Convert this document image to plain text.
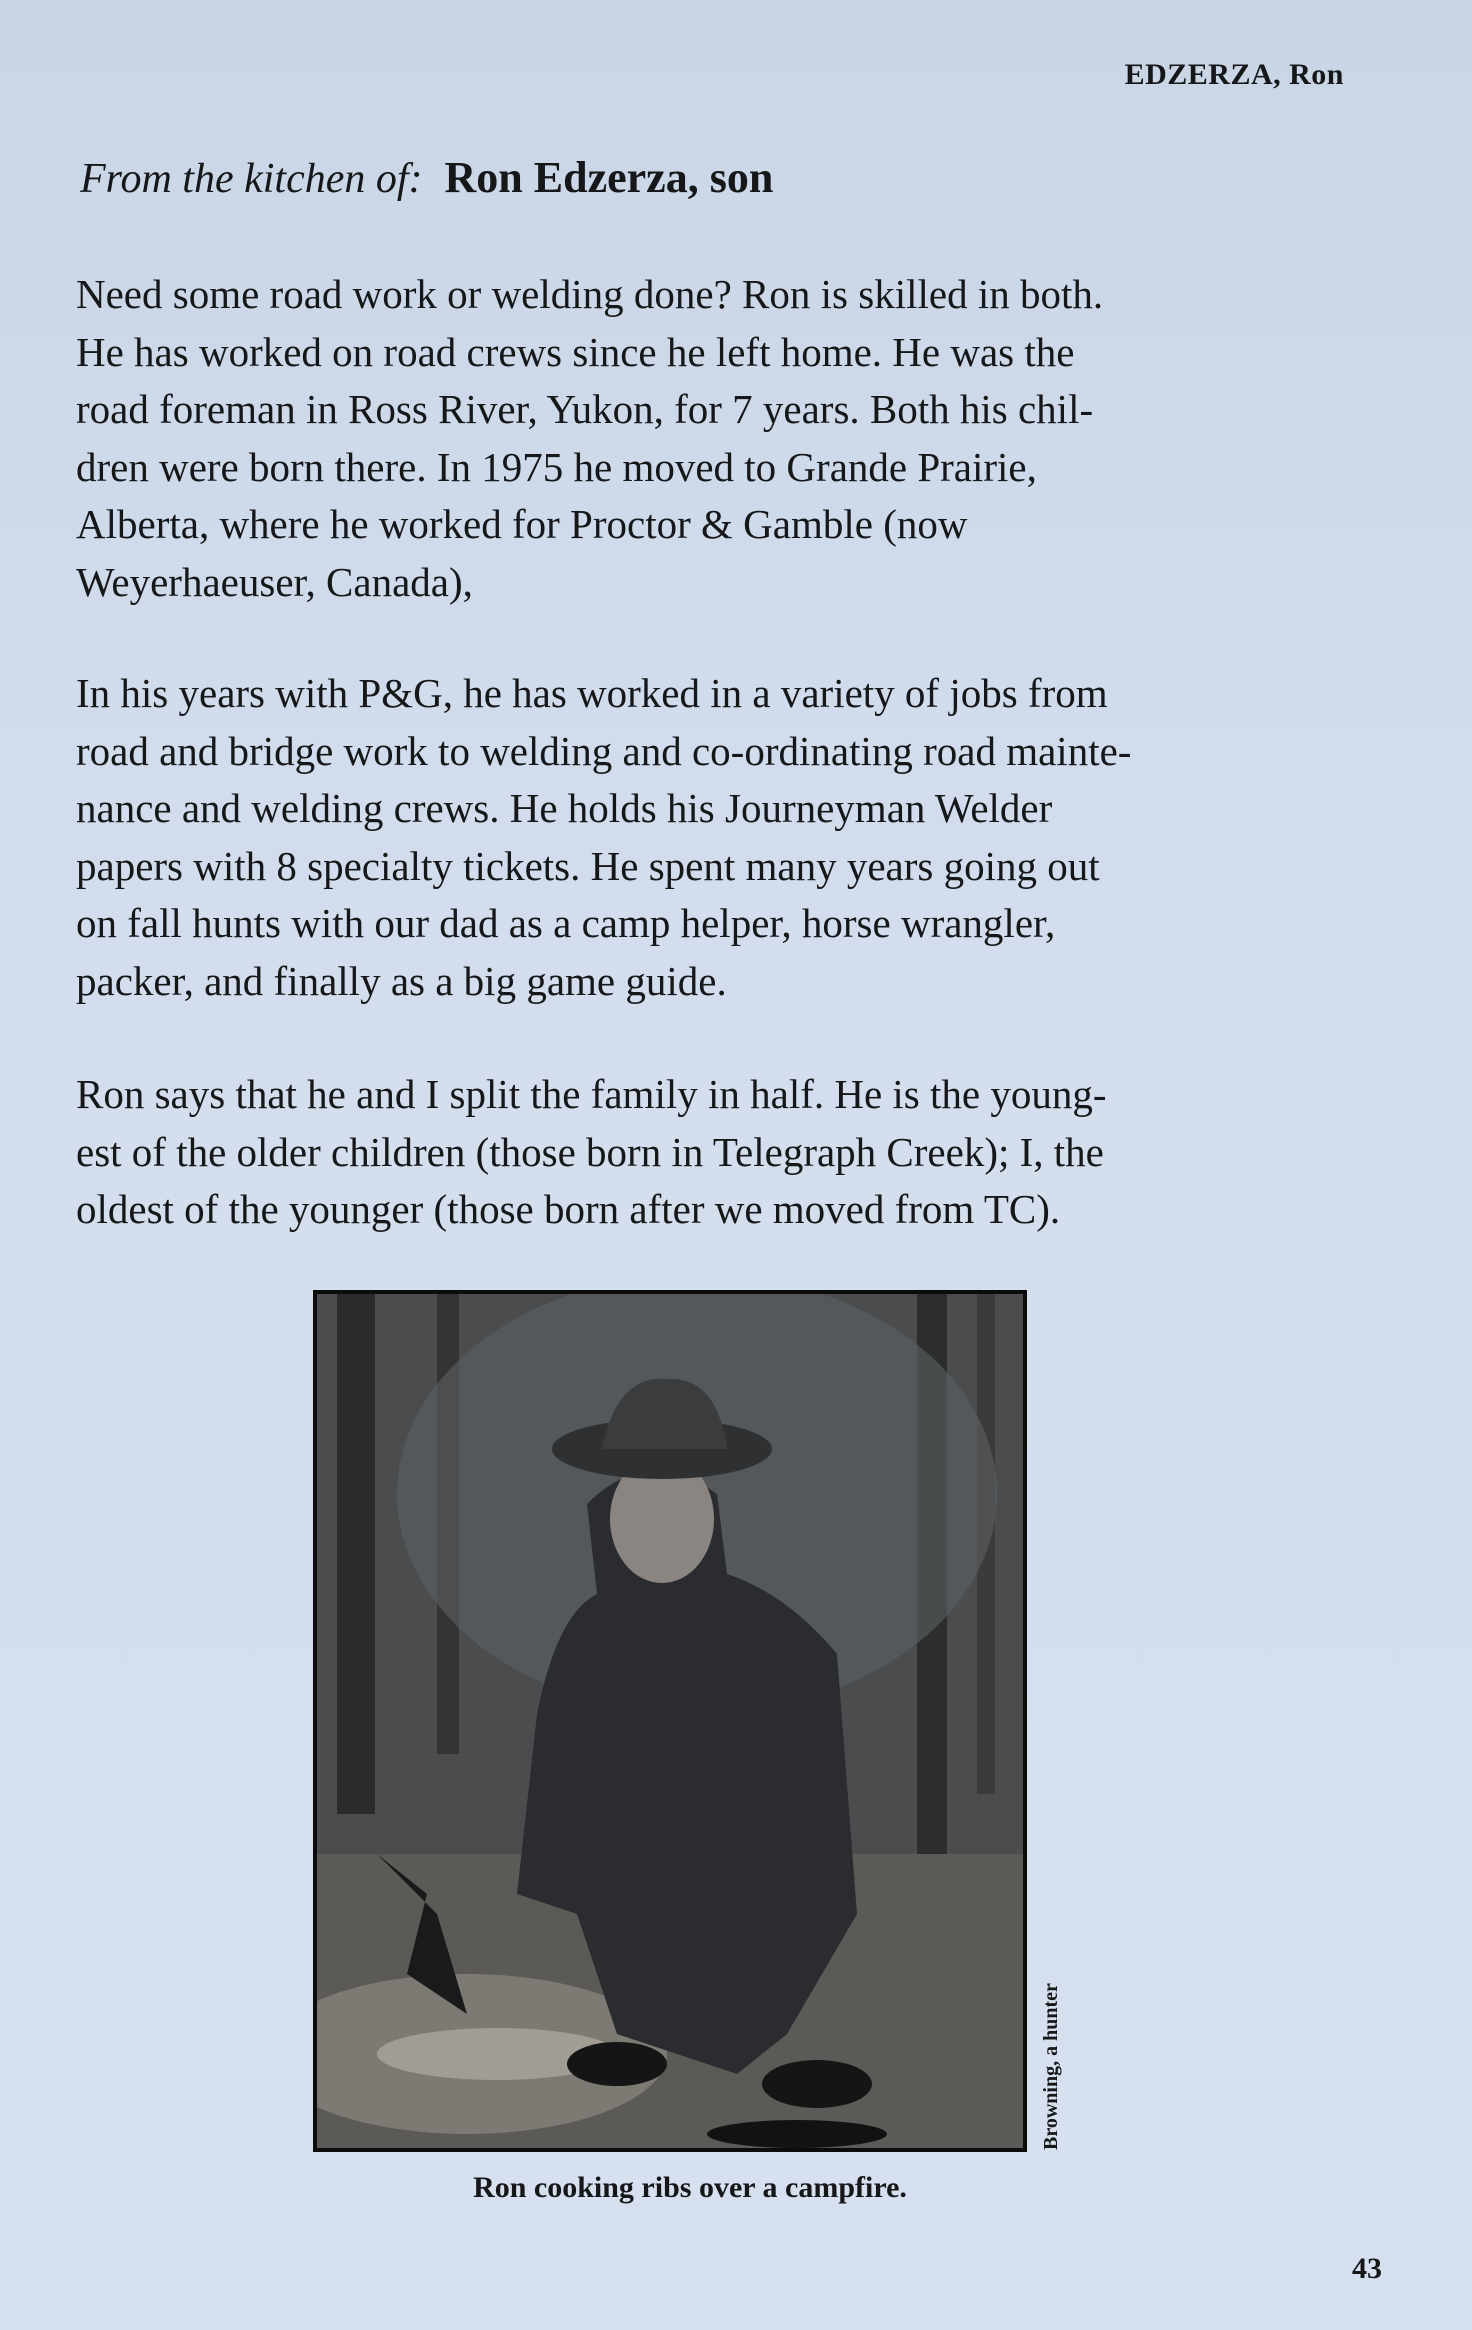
EDZERZA, Ron
From the kitchen of: Ron Edzerza, son

Need some road work or welding done? Ron is skilled in both.
He has worked on road crews since he left home. He was the
road foreman in Ross River, Yukon, for 7 years. Both his chil-
dren were born there. In 1975 he moved to Grande Prairie,
Alberta, where he worked for Proctor & Gamble (now
Weyerhaeuser, Canada),

In his years with P&G, he has worked in a variety of jobs from
road and bridge work to welding and co-ordinating road mainte-
nance and welding crews. He holds his Journeyman Welder
papers with 8 specialty tickets. He spent many years going out
on fall hunts with our dad as a camp helper, horse wrangler,
packer, and finally as a big game guide.

Ron says that he and I split the family in half. He is the young-
est of the older children (those born in Telegraph Creek); I, the
oldest of the younger (those born after we moved from TC).

Browning, a hunter
Ron cooking ribs over a campfire.
43
